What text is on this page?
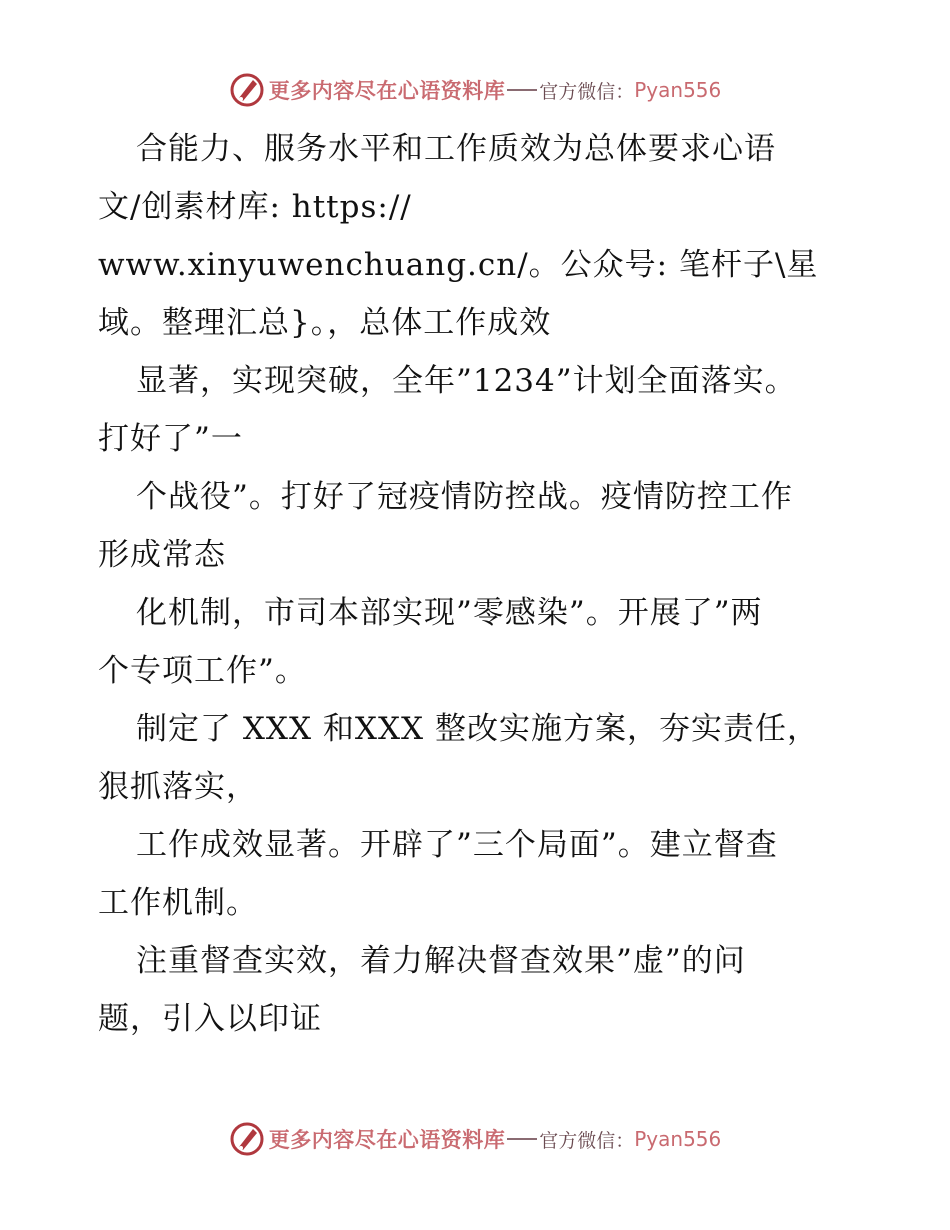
更多内容尽在心语资料库 官方微信： Pyan556
合能力、服务水平和工作质效为总体要求心语
文/创素材库: https://
www.xinyuwenchuang.cn/。公众号: 笔杆子\星
域。整理汇总}。，总体工作成效
显著，实现突破，全年”1234”计划全面落实。
打好了”一
个战役”。打好了冠疫情防控战。疫情防控工作
形成常态
化机制，市司本部实现”零感染”。开展了”两
个专项工作”。
制定了 XXX 和XXX 整改实施方案，夯实责任，
狠抓落实，
工作成效显著。开辟了”三个局面”。建立督查
工作机制。
注重督查实效，着力解决督查效果”虚”的问
题，引入以印证
更多内容尽在心语资料库 官方微信： Pyan556
